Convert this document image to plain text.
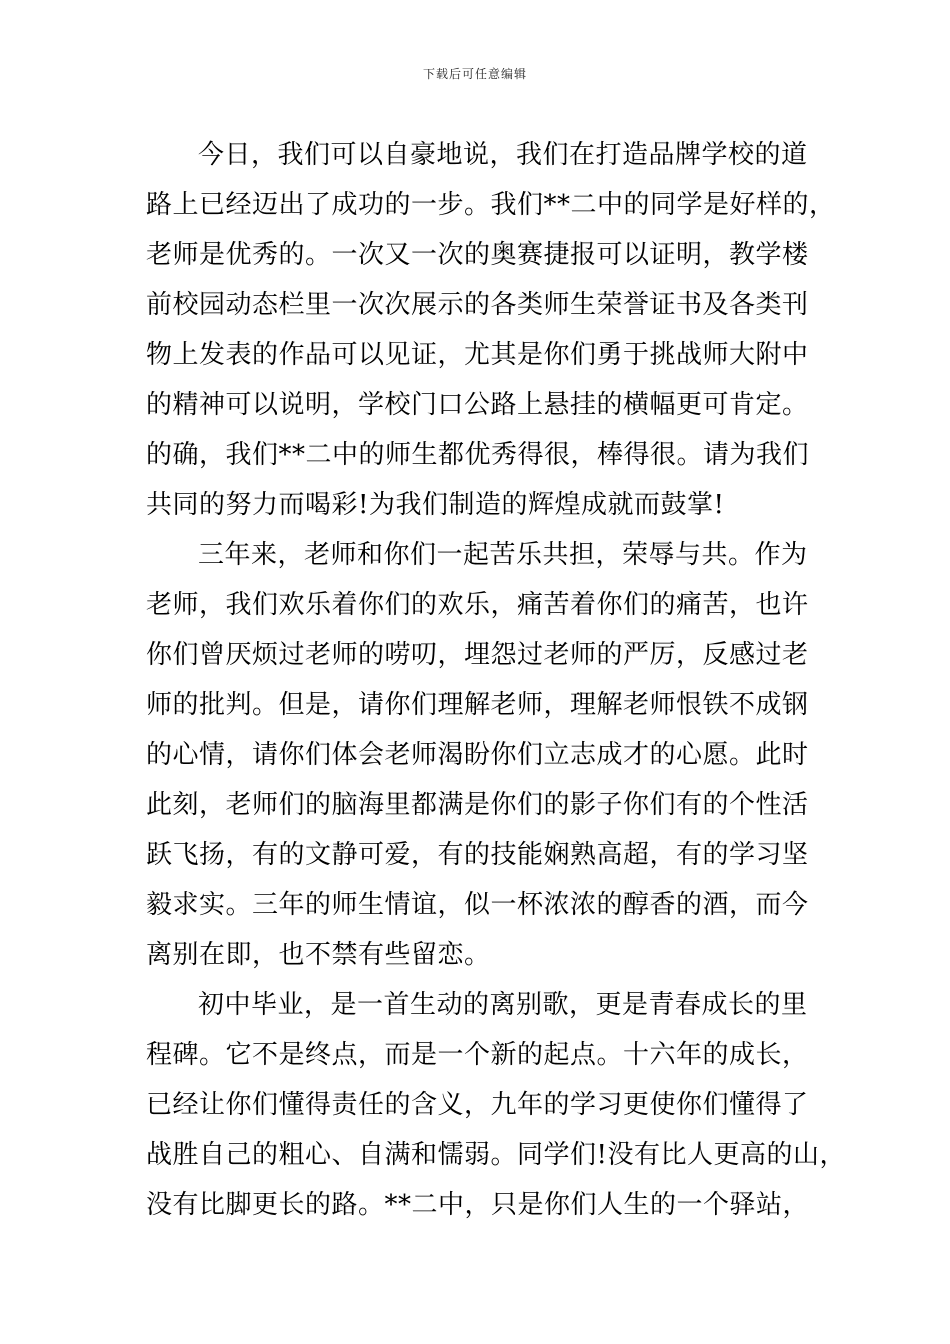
下载后可任意编辑
今日，我们可以自豪地说，我们在打造品牌学校的道
路上已经迈出了成功的一步。我们**二中的同学是好样的，
老师是优秀的。一次又一次的奥赛捷报可以证明，教学楼
前校园动态栏里一次次展示的各类师生荣誉证书及各类刊
物上发表的作品可以见证，尤其是你们勇于挑战师大附中
的精神可以说明，学校门口公路上悬挂的横幅更可肯定。
的确，我们**二中的师生都优秀得很，棒得很。请为我们
共同的努力而喝彩!为我们制造的辉煌成就而鼓掌!
三年来，老师和你们一起苦乐共担，荣辱与共。作为
老师，我们欢乐着你们的欢乐，痛苦着你们的痛苦，也许
你们曾厌烦过老师的唠叨，埋怨过老师的严厉，反感过老
师的批判。但是，请你们理解老师，理解老师恨铁不成钢
的心情，请你们体会老师渴盼你们立志成才的心愿。此时
此刻，老师们的脑海里都满是你们的影子你们有的个性活
跃飞扬，有的文静可爱，有的技能娴熟高超，有的学习坚
毅求实。三年的师生情谊，似一杯浓浓的醇香的酒，而今
离别在即，也不禁有些留恋。
初中毕业，是一首生动的离别歌，更是青春成长的里
程碑。它不是终点，而是一个新的起点。十六年的成长，
已经让你们懂得责任的含义，九年的学习更使你们懂得了
战胜自己的粗心、自满和懦弱。同学们!没有比人更高的山，
没有比脚更长的路。**二中，只是你们人生的一个驿站，
